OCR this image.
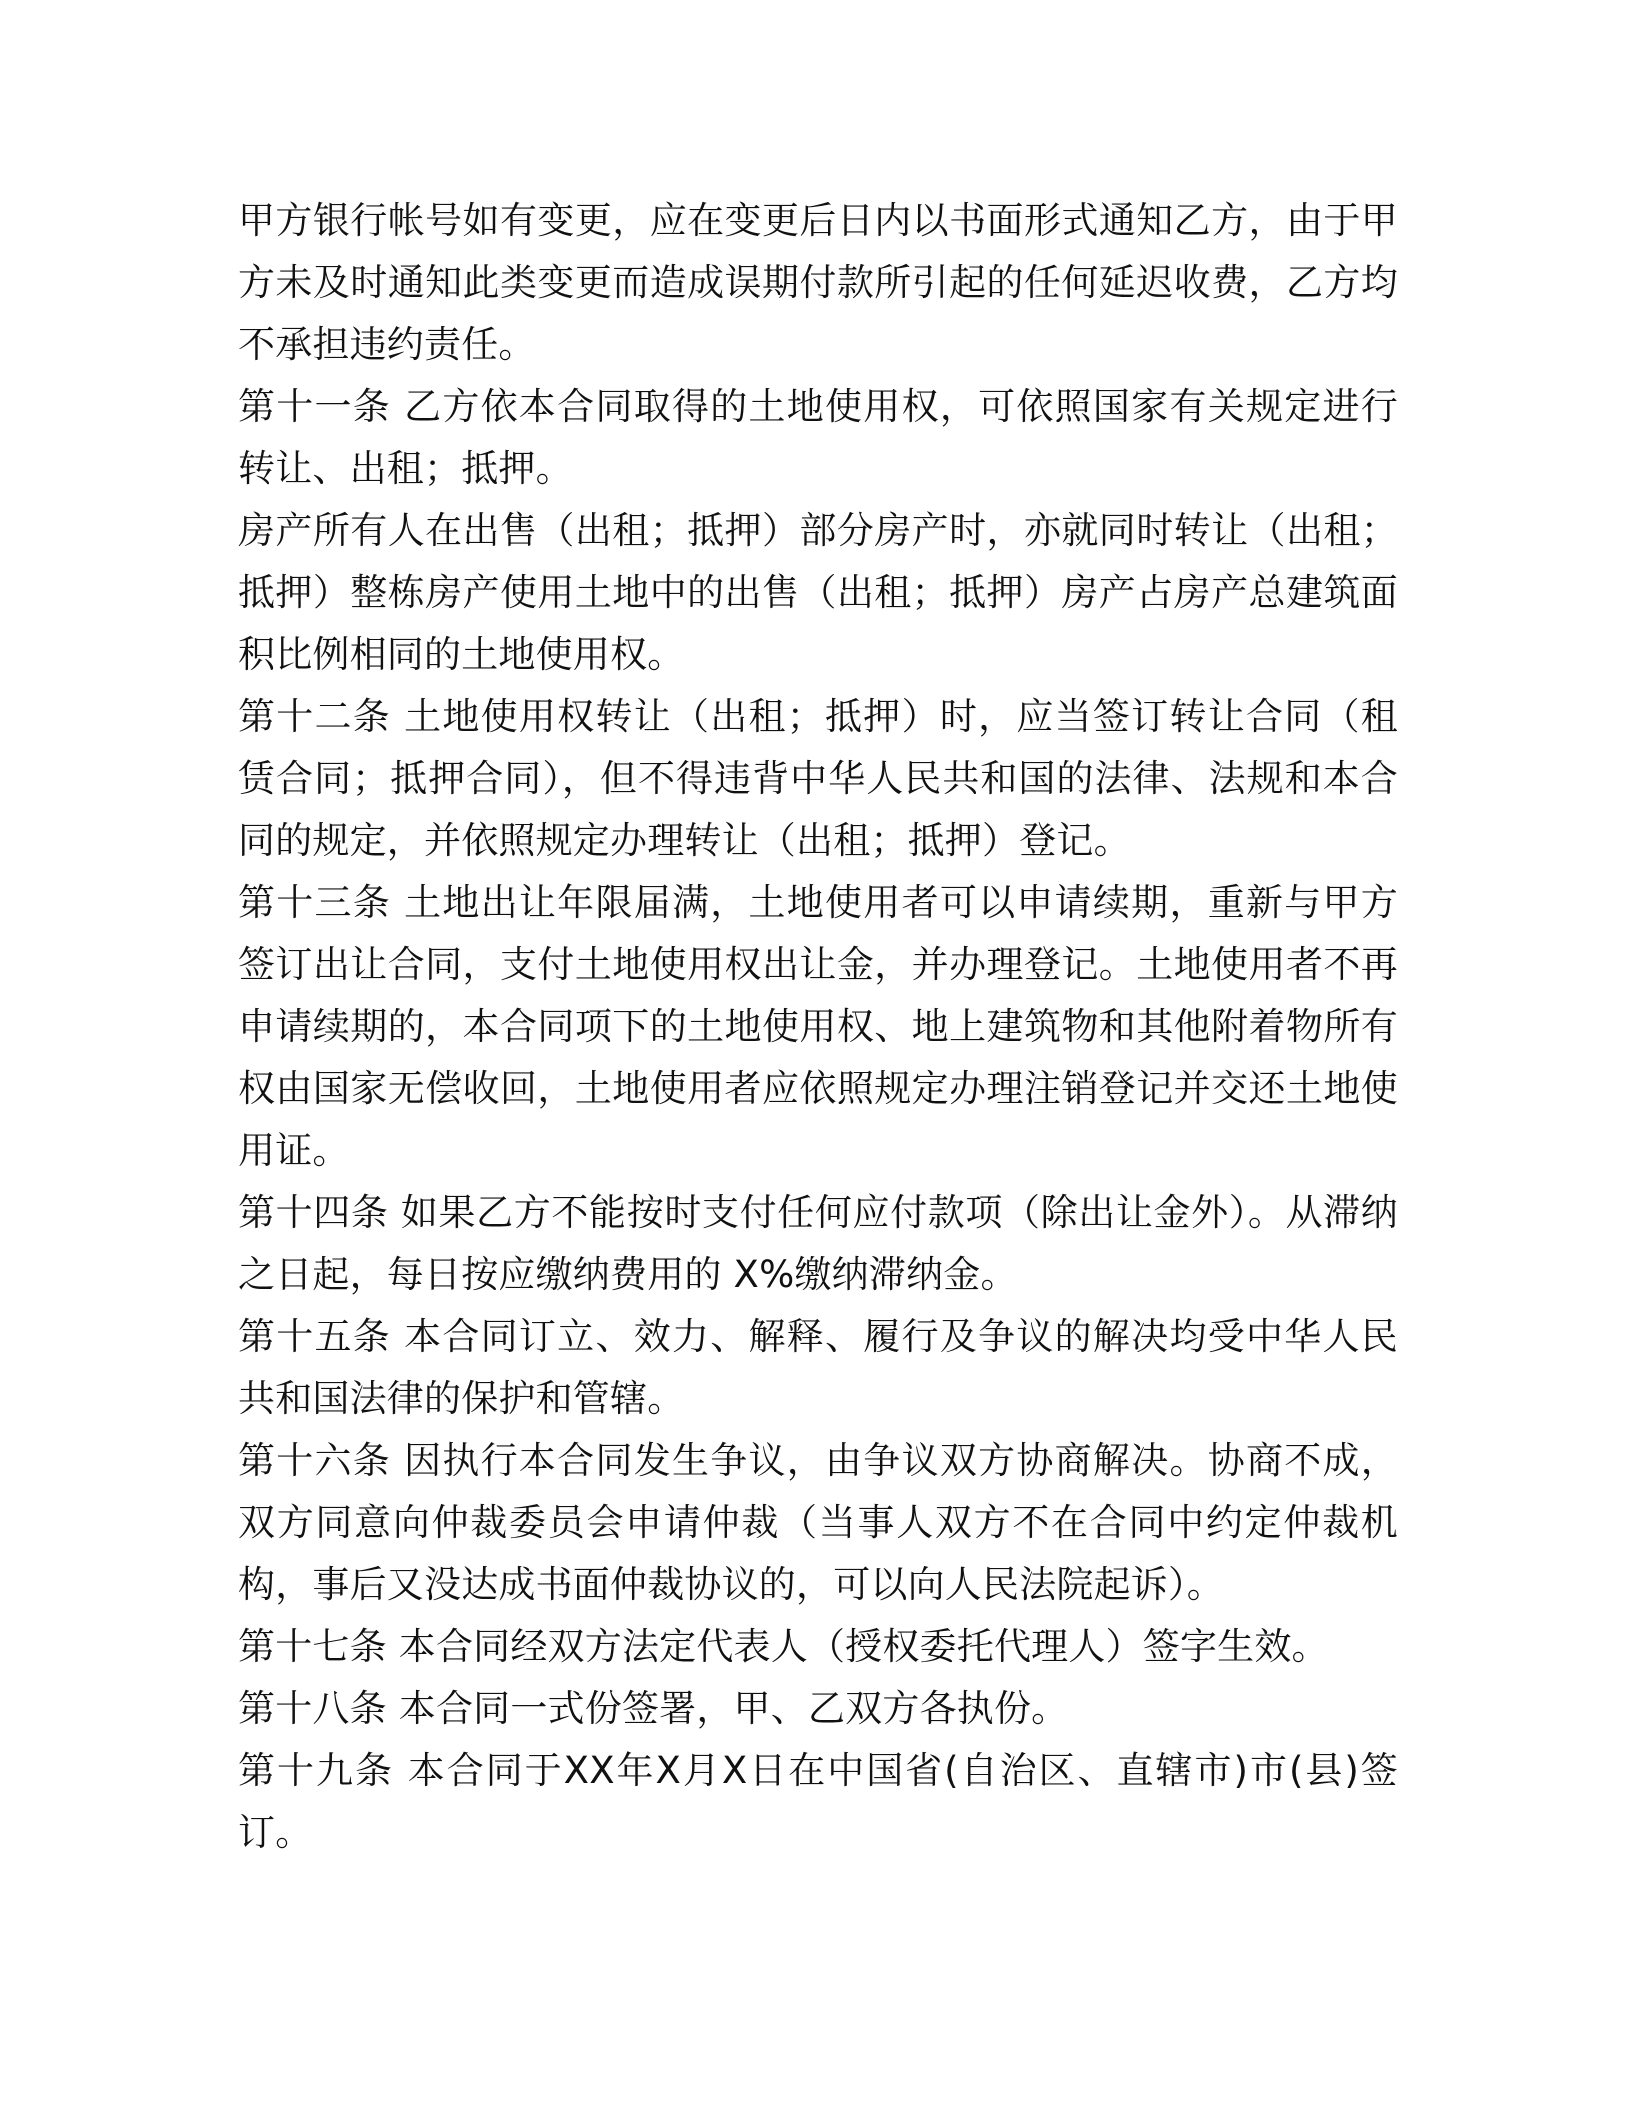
甲方银行帐号如有变更，应在变更后日内以书面形式通知乙方，由于甲方未及时通知此类变更而造成误期付款所引起的任何延迟收费，乙方均不承担违约责任。

第十一条 乙方依本合同取得的土地使用权，可依照国家有关规定进行转让、出租；抵押。

房产所有人在出售（出租；抵押）部分房产时，亦就同时转让（出租；抵押）整栋房产使用土地中的出售（出租；抵押）房产占房产总建筑面积比例相同的土地使用权。

第十二条 土地使用权转让（出租；抵押）时，应当签订转让合同（租赁合同；抵押合同），但不得违背中华人民共和国的法律、法规和本合同的规定，并依照规定办理转让（出租；抵押）登记。

第十三条 土地出让年限届满，土地使用者可以申请续期，重新与甲方签订出让合同，支付土地使用权出让金，并办理登记。土地使用者不再申请续期的，本合同项下的土地使用权、地上建筑物和其他附着物所有权由国家无偿收回，土地使用者应依照规定办理注销登记并交还土地使用证。

第十四条 如果乙方不能按时支付任何应付款项（除出让金外）。从滞纳之日起，每日按应缴纳费用的 X%缴纳滞纳金。

第十五条 本合同订立、效力、解释、履行及争议的解决均受中华人民共和国法律的保护和管辖。

第十六条 因执行本合同发生争议，由争议双方协商解决。协商不成，双方同意向仲裁委员会申请仲裁（当事人双方不在合同中约定仲裁机构，事后又没达成书面仲裁协议的，可以向人民法院起诉）。

第十七条 本合同经双方法定代表人（授权委托代理人）签字生效。

第十八条 本合同一式份签署，甲、乙双方各执份。

第十九条 本合同于XX年X月X日在中国省(自治区、直辖市)市(县)签订。
